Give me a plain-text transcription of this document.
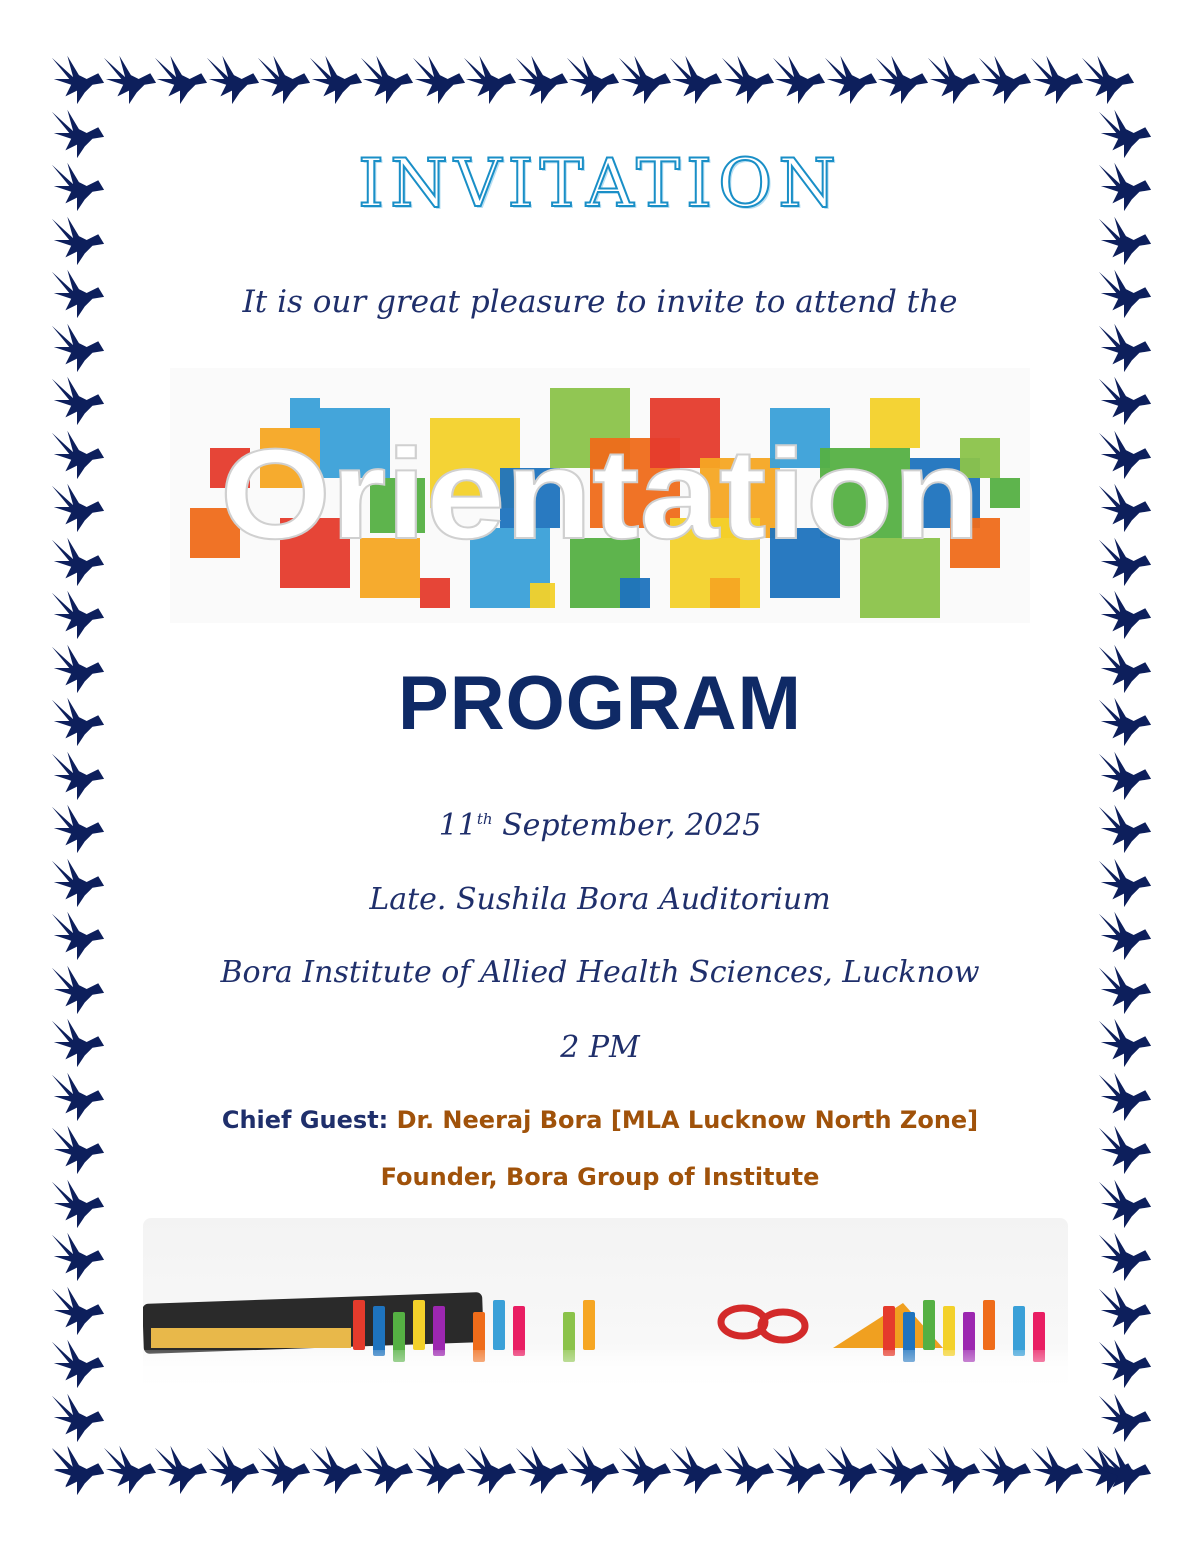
INVITATION
It is our great pleasure to invite to attend the
Orientation
PROGRAM
11th September, 2025
Late. Sushila Bora Auditorium
Bora Institute of Allied Health Sciences, Lucknow
2 PM
Chief Guest: Dr. Neeraj Bora [MLA Lucknow North Zone]
Founder, Bora Group of Institute
